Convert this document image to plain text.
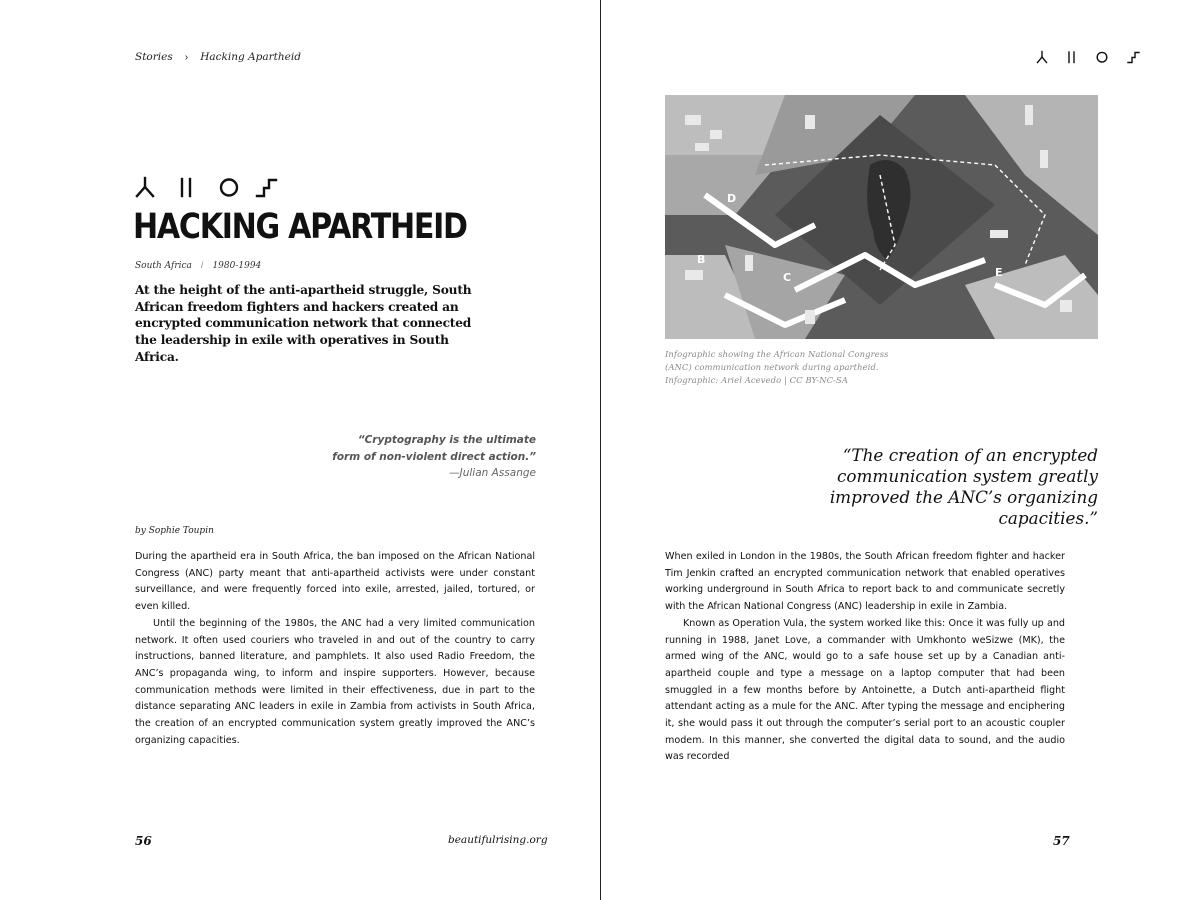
Stories › Hacking Apartheid
HACKING APARTHEID
South Africa / 1980-1994

At the height of the anti-apartheid struggle, South African freedom fighters and hackers created an encrypted communication network that connected the leadership in exile with operatives in South Africa.

“Cryptography is the ultimate form of non-violent direct action.”
—Julian Assange
by Sophie Toupin

During the apartheid era in South Africa, the ban imposed on the African National Congress (ANC) party meant that anti-apartheid activists were under constant surveillance, and were frequently forced into exile, arrested, jailed, tortured, or even killed.

Until the beginning of the 1980s, the ANC had a very limited communication network. It often used couriers who traveled in and out of the country to carry instructions, banned literature, and pamphlets. It also used Radio Freedom, the ANC’s propaganda wing, to inform and inspire supporters. However, because communication methods were limited in their effectiveness, due in part to the distance separating ANC leaders in exile in Zambia from activists in South Africa, the creation of an encrypted communication system greatly improved the ANC’s organizing capacities.

56	beautifulrising.org
D
B
C	E
Infographic showing the African National Congress
(ANC) communication network during apartheid.
Infographic: Ariel Acevedo | CC BY-NC-SA
“The creation of an encrypted communication system greatly improved the ANC’s organizing capacities.”

When exiled in London in the 1980s, the South African freedom fighter and hacker Tim Jenkin crafted an encrypted communication network that enabled operatives working underground in South Africa to report back to and communicate secretly with the African National Congress (ANC) leadership in exile in Zambia.

Known as Operation Vula, the system worked like this: Once it was fully up and running in 1988, Janet Love, a commander with Umkhonto weSizwe (MK), the armed wing of the ANC, would go to a safe house set up by a Canadian anti-apartheid couple and type a message on a laptop computer that had been smuggled in a few months before by Antoinette, a Dutch anti-apartheid flight attendant acting as a mule for the ANC. After typing the message and enciphering it, she would pass it out through the computer’s serial port to an acoustic coupler modem. In this manner, she converted the digital data to sound, and the audio was recorded

57
